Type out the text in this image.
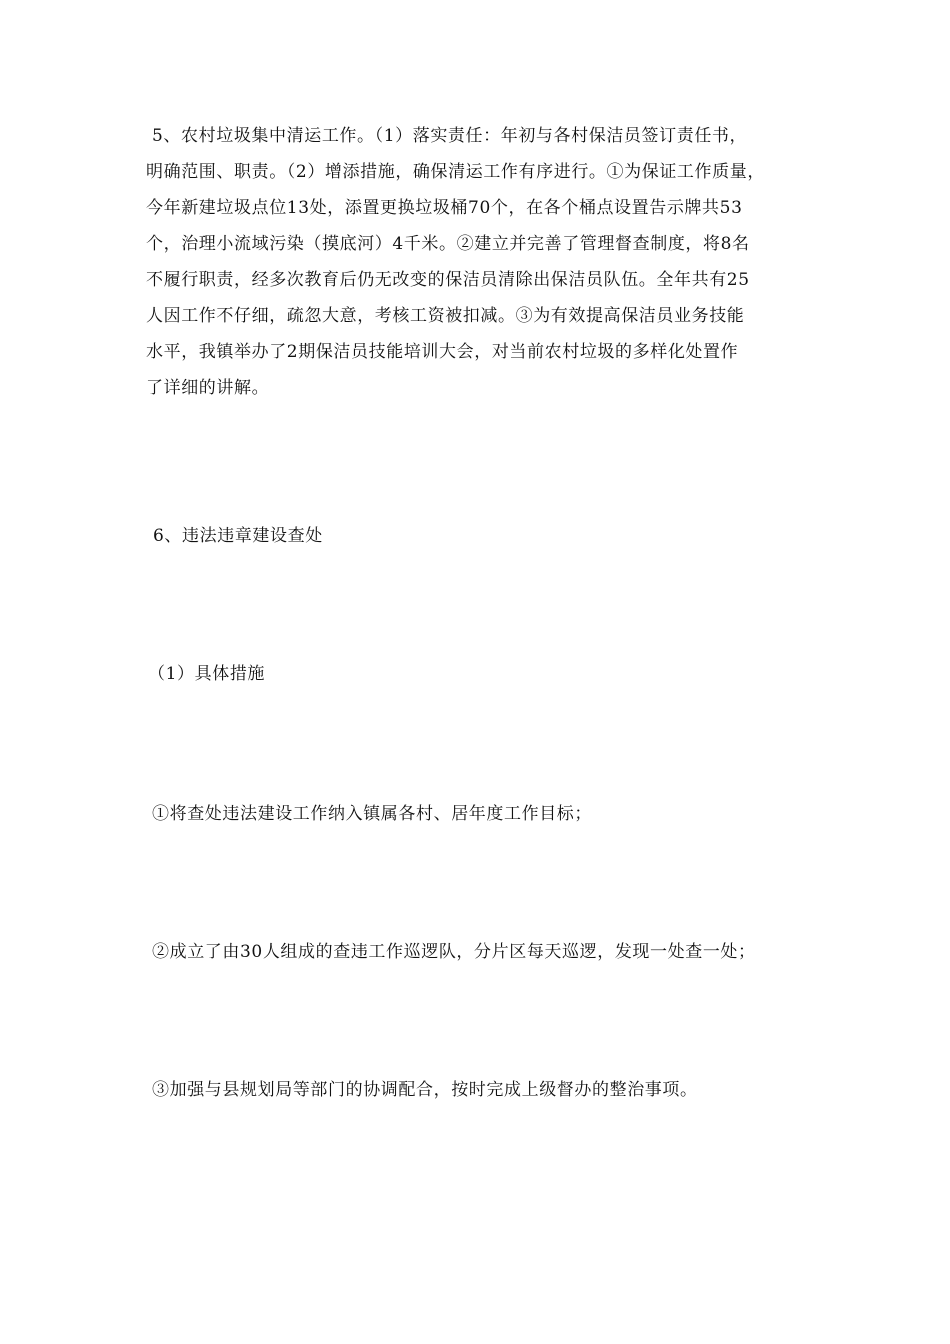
5、农村垃圾集中清运工作。（1）落实责任：年初与各村保洁员签订责任书，
明确范围、职责。（2）增添措施，确保清运工作有序进行。①为保证工作质量，
今年新建垃圾点位13处，添置更换垃圾桶70个，在各个桶点设置告示牌共53
个，治理小流域污染（摸底河）4千米。②建立并完善了管理督查制度，将8名
不履行职责，经多次教育后仍无改变的保洁员清除出保洁员队伍。全年共有25
人因工作不仔细，疏忽大意，考核工资被扣减。③为有效提高保洁员业务技能
水平，我镇举办了2期保洁员技能培训大会，对当前农村垃圾的多样化处置作
了详细的讲解。
6、违法违章建设查处
（1）具体措施

①将查处违法建设工作纳入镇属各村、居年度工作目标；

②成立了由30人组成的查违工作巡逻队，分片区每天巡逻，发现一处查一处；

③加强与县规划局等部门的协调配合，按时完成上级督办的整治事项。
